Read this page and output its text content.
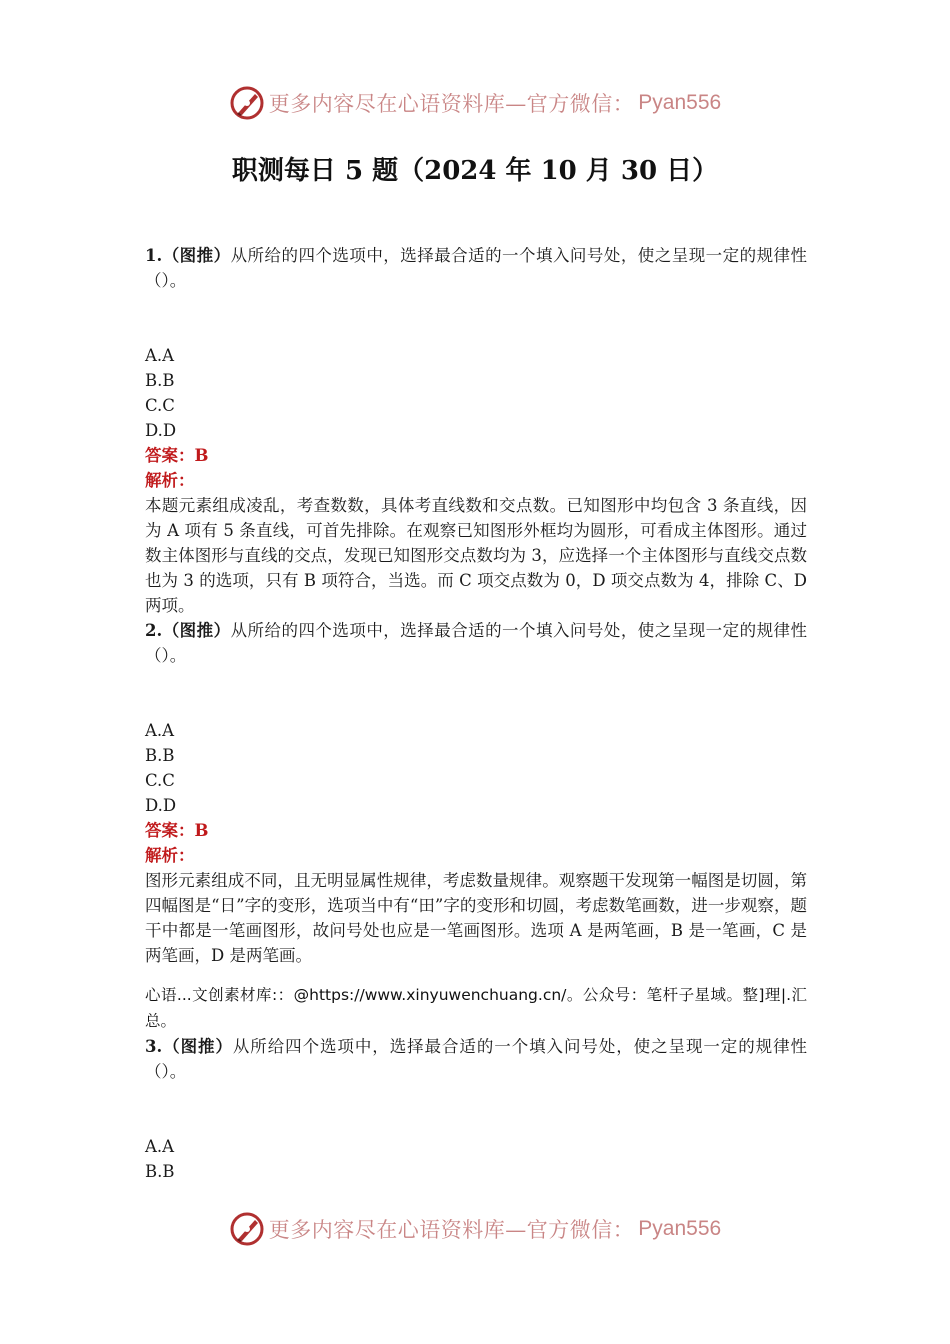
更多内容尽在心语资料库—官方微信： Pyan556
职测每日 5 题（2024 年 10 月 30 日）

1.（图推）从所给的四个选项中，选择最合适的一个填入问号处，使之呈现一定的规律性（）。

A.A

B.B

C.C

D.D

答案：B

解析：

本题元素组成凌乱，考查数数，具体考直线数和交点数。已知图形中均包含 3 条直线，因为 A 项有 5 条直线，可首先排除。在观察已知图形外框均为圆形，可看成主体图形。通过数主体图形与直线的交点，发现已知图形交点数均为 3，应选择一个主体图形与直线交点数也为 3 的选项，只有 B 项符合，当选。而 C 项交点数为 0，D 项交点数为 4，排除 C、D 两项。

2.（图推）从所给的四个选项中，选择最合适的一个填入问号处，使之呈现一定的规律性（）。

A.A

B.B

C.C

D.D

答案：B

解析：

图形元素组成不同，且无明显属性规律，考虑数量规律。观察题干发现第一幅图是切圆，第四幅图是“日”字的变形，选项当中有“田”字的变形和切圆，考虑数笔画数，进一步观察，题干中都是一笔画图形，故问号处也应是一笔画图形。选项 A 是两笔画，B 是一笔画，C 是两笔画，D 是两笔画。

心语...文创素材库:：@https://www.xinyuwenchuang.cn/。公众号：笔杆子星域。整]理|.汇总。

3.（图推）从所给四个选项中，选择最合适的一个填入问号处，使之呈现一定的规律性（）。

A.A

B.B

更多内容尽在心语资料库—官方微信： Pyan556
